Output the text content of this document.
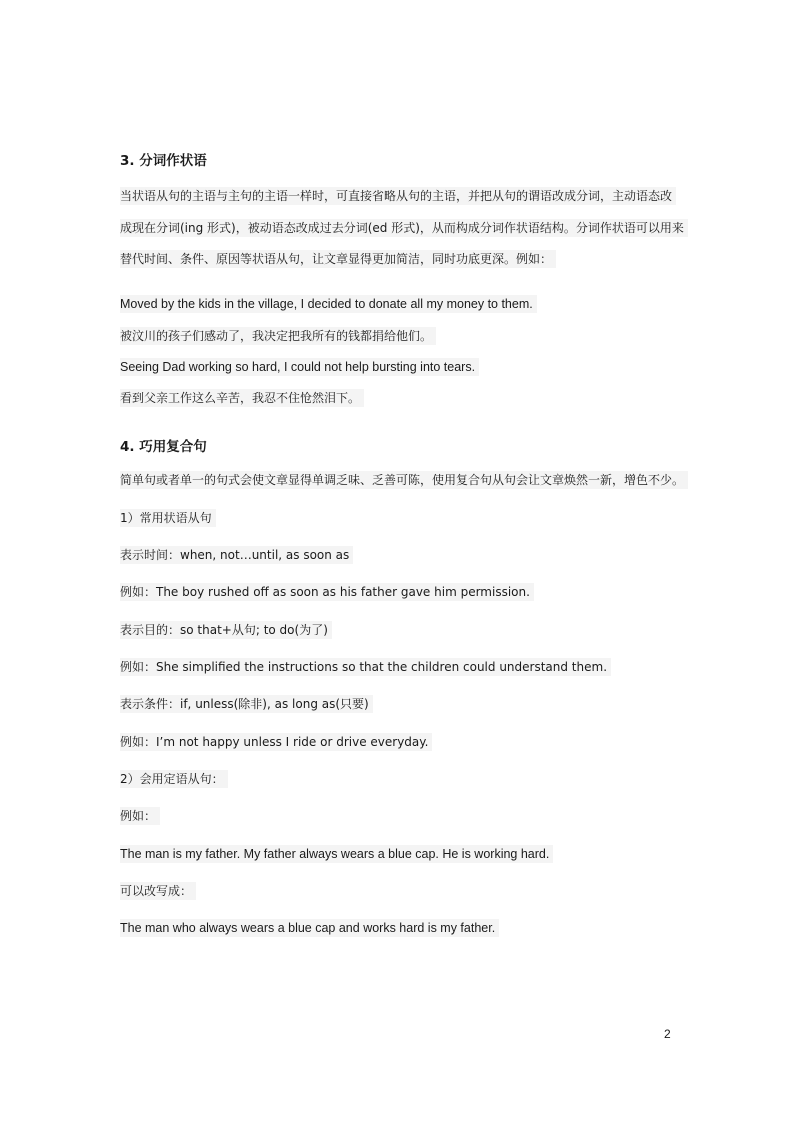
3. 分词作状语
当状语从句的主语与主句的主语一样时，可直接省略从句的主语，并把从句的谓语改成分词，主动语态改
成现在分词(ing 形式)，被动语态改成过去分词(ed 形式)，从而构成分词作状语结构。分词作状语可以用来
替代时间、条件、原因等状语从句，让文章显得更加简洁，同时功底更深。例如：
Moved by the kids in the village, I decided to donate all my money to them.
被汶川的孩子们感动了，我决定把我所有的钱都捐给他们。
Seeing Dad working so hard, I could not help bursting into tears.
看到父亲工作这么辛苦，我忍不住怆然泪下。
4. 巧用复合句
简单句或者单一的句式会使文章显得单调乏味、乏善可陈，使用复合句从句会让文章焕然一新，增色不少。
1）常用状语从句
表示时间：when, not…until, as soon as
例如：The boy rushed off as soon as his father gave him permission.
表示目的：so that+从句; to do(为了)
例如：She simplified the instructions so that the children could understand them.
表示条件：if, unless(除非), as long as(只要)
例如：I’m not happy unless I ride or drive everyday.
2）会用定语从句：
例如：
The man is my father. My father always wears a blue cap. He is working hard.
可以改写成：
The man who always wears a blue cap and works hard is my father.
2
